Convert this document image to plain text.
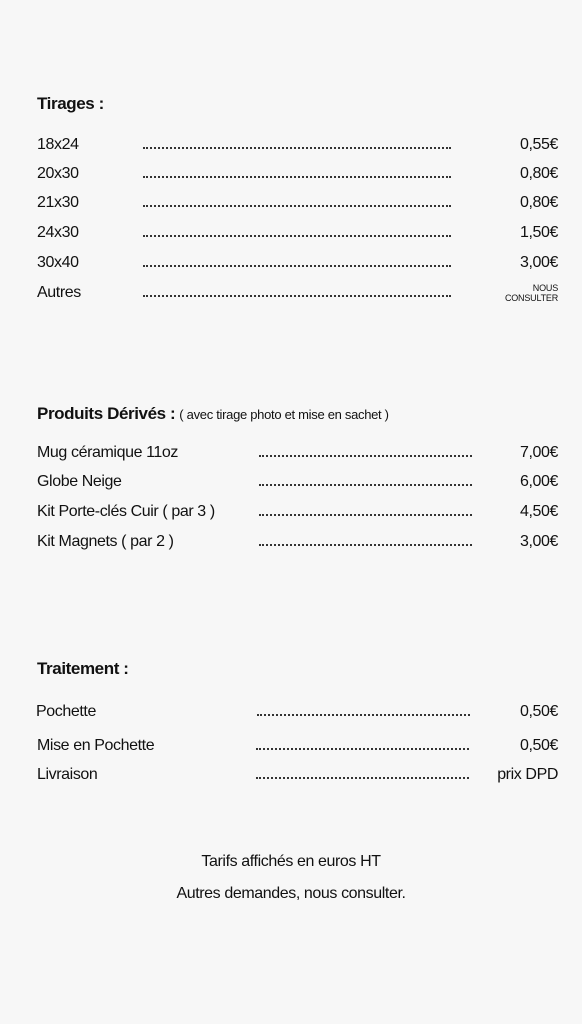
Tirages :
18x24	0,55€
20x30	0,80€
21x30	0,80€
24x30	1,50€
30x40	3,00€
Autres	NOUS
CONSULTER
Produits Dérivés : ( avec tirage photo et mise en sachet )
Mug céramique 11oz	7,00€
Globe Neige	6,00€
Kit Porte-clés Cuir ( par 3 )	4,50€
Kit Magnets ( par 2 )	3,00€
Traitement :
Pochette	0,50€
Mise en Pochette	0,50€
Livraison	prix DPD
Tarifs affichés en euros HT
Autres demandes, nous consulter.
